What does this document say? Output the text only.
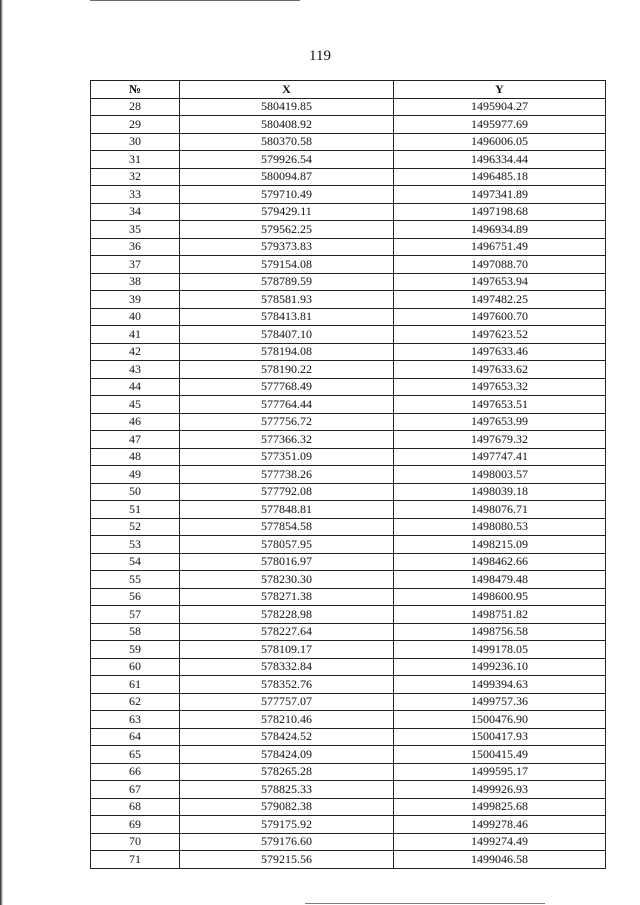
119
№	X	Y
28	580419.85	1495904.27
29	580408.92	1495977.69
30	580370.58	1496006.05
31	579926.54	1496334.44
32	580094.87	1496485.18
33	579710.49	1497341.89
34	579429.11	1497198.68
35	579562.25	1496934.89
36	579373.83	1496751.49
37	579154.08	1497088.70
38	578789.59	1497653.94
39	578581.93	1497482.25
40	578413.81	1497600.70
41	578407.10	1497623.52
42	578194.08	1497633.46
43	578190.22	1497633.62
44	577768.49	1497653.32
45	577764.44	1497653.51
46	577756.72	1497653.99
47	577366.32	1497679.32
48	577351.09	1497747.41
49	577738.26	1498003.57
50	577792.08	1498039.18
51	577848.81	1498076.71
52	577854.58	1498080.53
53	578057.95	1498215.09
54	578016.97	1498462.66
55	578230.30	1498479.48
56	578271.38	1498600.95
57	578228.98	1498751.82
58	578227.64	1498756.58
59	578109.17	1499178.05
60	578332.84	1499236.10
61	578352.76	1499394.63
62	577757.07	1499757.36
63	578210.46	1500476.90
64	578424.52	1500417.93
65	578424.09	1500415.49
66	578265.28	1499595.17
67	578825.33	1499926.93
68	579082.38	1499825.68
69	579175.92	1499278.46
70	579176.60	1499274.49
71	579215.56	1499046.58
